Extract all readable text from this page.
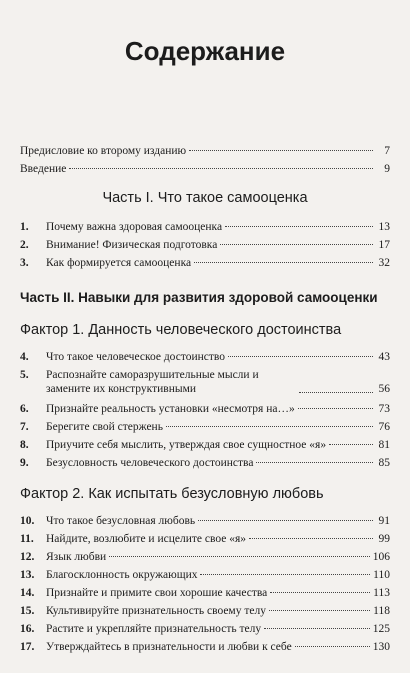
Содержание
Предисловие ко второму изданию	7
Введение	9
Часть I. Что такое самооценка
1.	Почему важна здоровая самооценка	13
2.	Внимание! Физическая подготовка	17
3.	Как формируется самооценка	32
Часть II. Навыки для развития здоровой самооценки
Фактор 1. Данность человеческого достоинства
4.	Что такое человеческое достоинство	43
5.	Распознайте саморазрушительные мысли и замените их конструктивными	56
6.	Признайте реальность установки «несмотря на…»	73
7.	Берегите свой стержень	76
8.	Приучите себя мыслить, утверждая свое сущностное «я»	81
9.	Безусловность человеческого достоинства	85
Фактор 2. Как испытать безусловную любовь
10.	Что такое безусловная любовь	91
11.	Найдите, возлюбите и исцелите свое «я»	99
12.	Язык любви	106
13.	Благосклонность окружающих	110
14.	Признайте и примите свои хорошие качества	113
15.	Культивируйте признательность своему телу	118
16.	Растите и укрепляйте признательность телу	125
17.	Утверждайтесь в признательности и любви к себе	130
